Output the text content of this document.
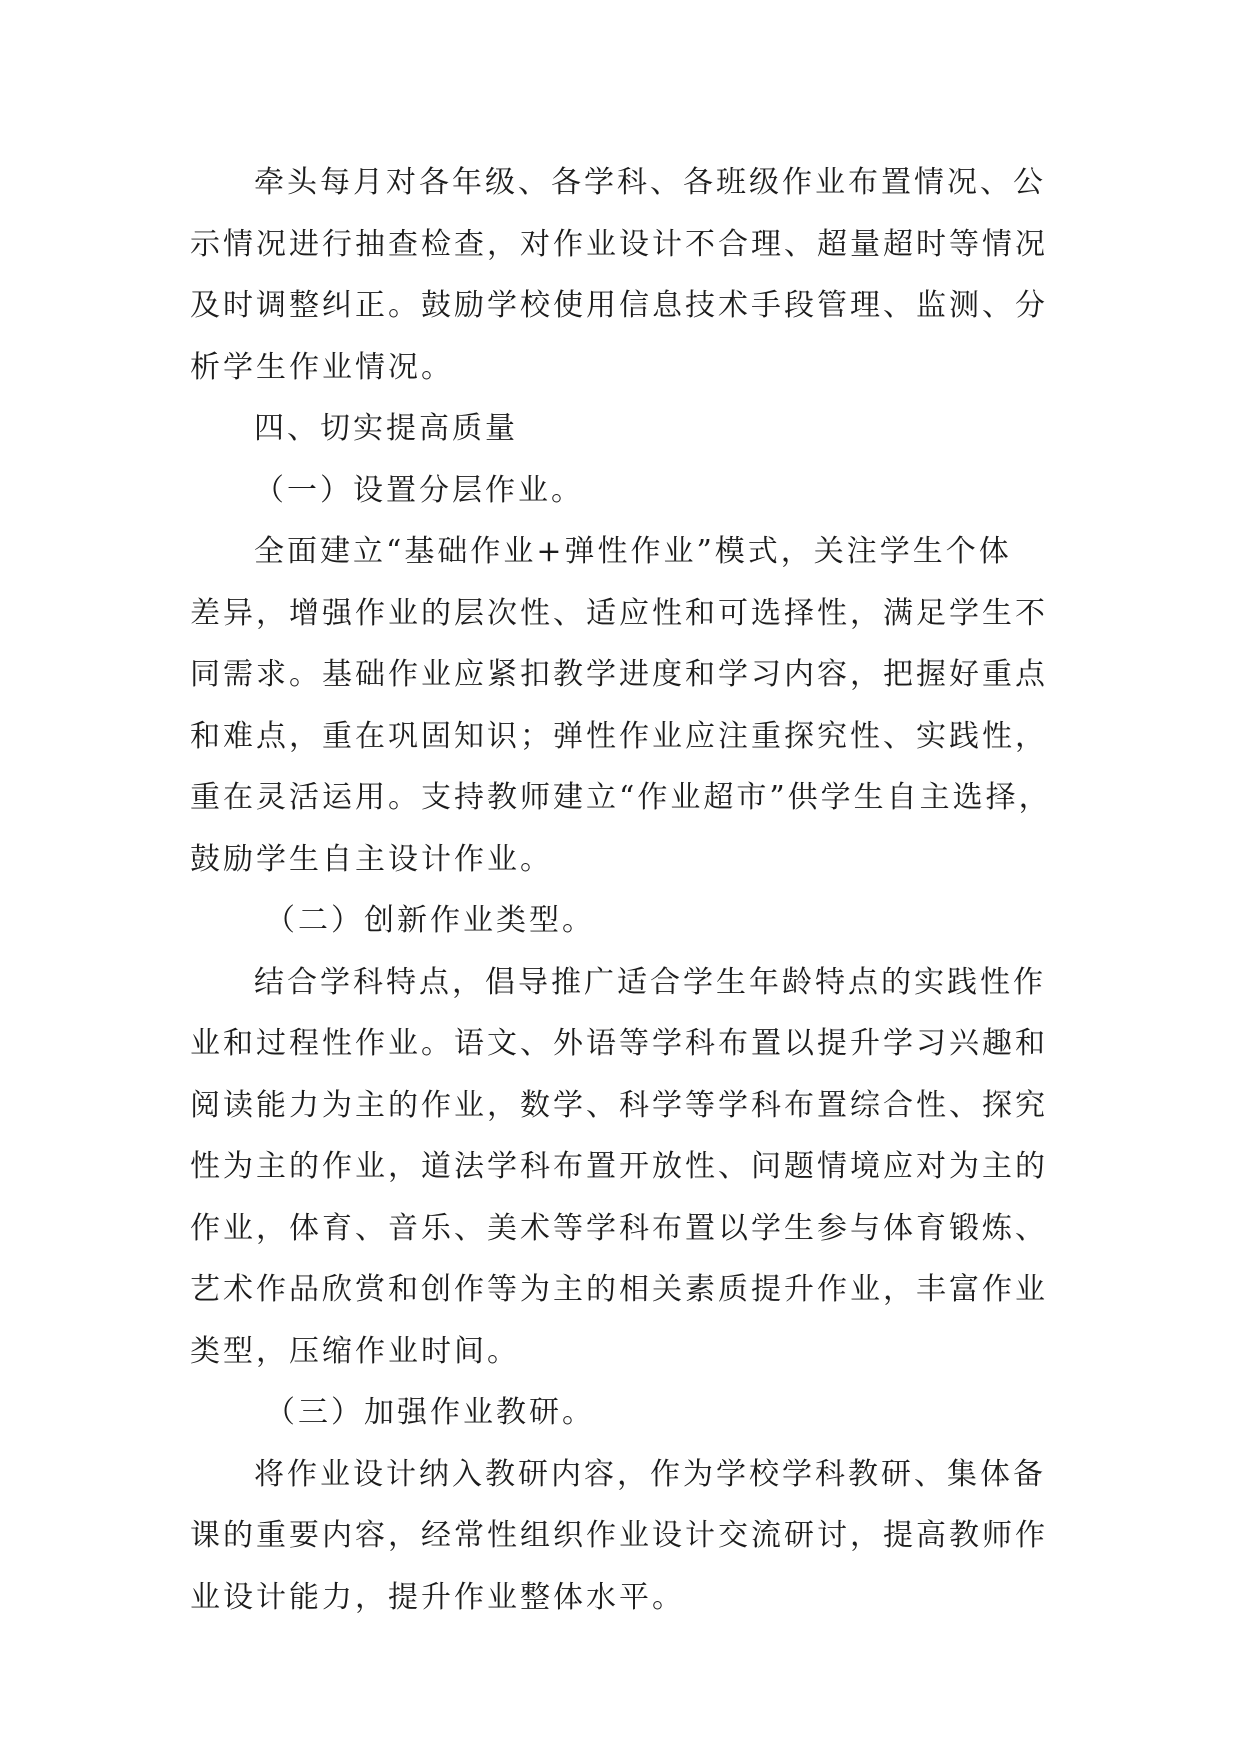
牵头每月对各年级、各学科、各班级作业布置情况、公
示情况进行抽查检查，对作业设计不合理、超量超时等情况
及时调整纠正。鼓励学校使用信息技术手段管理、监测、分
析学生作业情况。
四、切实提高质量
（一）设置分层作业。
全面建立“基础作业+弹性作业”模式，关注学生个体
差异，增强作业的层次性、适应性和可选择性，满足学生不
同需求。基础作业应紧扣教学进度和学习内容，把握好重点
和难点，重在巩固知识；弹性作业应注重探究性、实践性，
重在灵活运用。支持教师建立“作业超市”供学生自主选择，
鼓励学生自主设计作业。
（二）创新作业类型。
结合学科特点，倡导推广适合学生年龄特点的实践性作
业和过程性作业。语文、外语等学科布置以提升学习兴趣和
阅读能力为主的作业，数学、科学等学科布置综合性、探究
性为主的作业，道法学科布置开放性、问题情境应对为主的
作业，体育、音乐、美术等学科布置以学生参与体育锻炼、
艺术作品欣赏和创作等为主的相关素质提升作业，丰富作业
类型，压缩作业时间。
（三）加强作业教研。
将作业设计纳入教研内容，作为学校学科教研、集体备
课的重要内容，经常性组织作业设计交流研讨，提高教师作
业设计能力，提升作业整体水平。
